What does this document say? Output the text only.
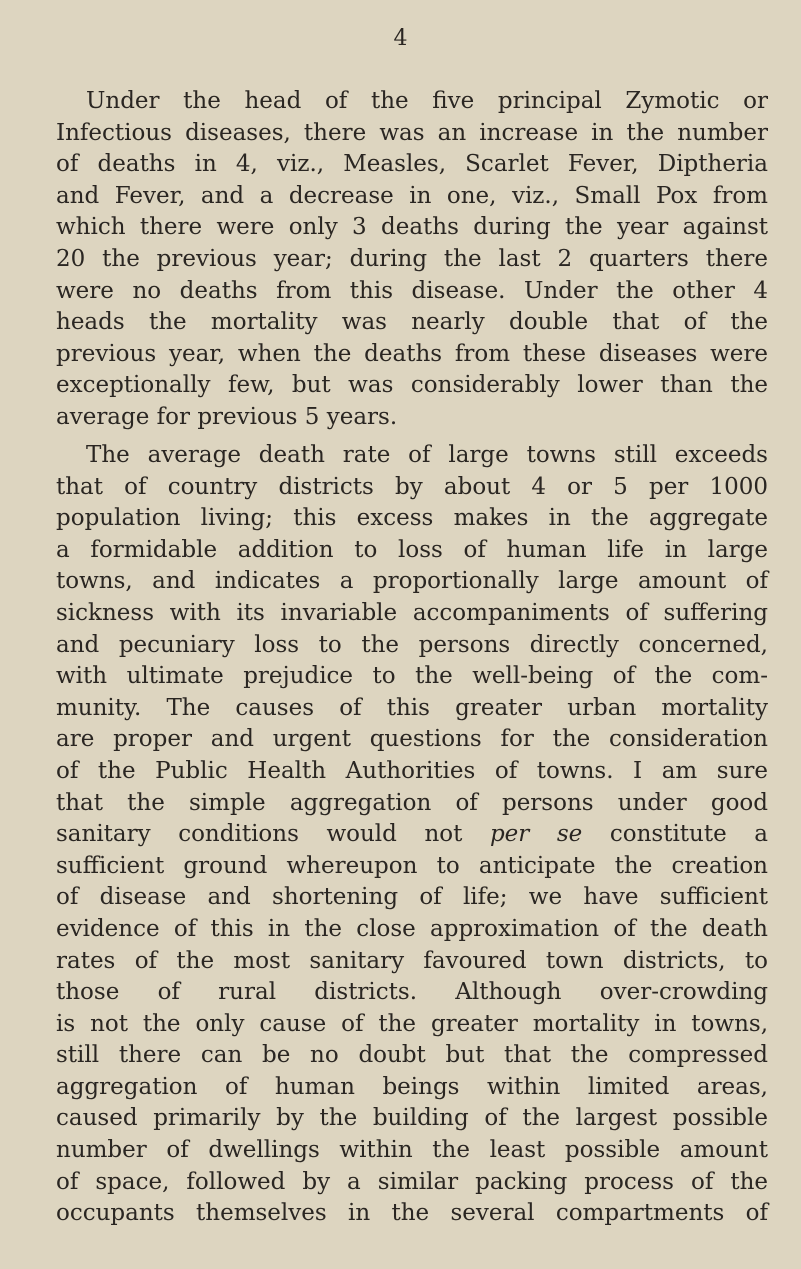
4
Under the head of the five principal Zymotic or
Infectious diseases, there was an increase in the number
of deaths in 4, viz., Measles, Scarlet Fever, Diptheria
and Fever, and a decrease in one, viz., Small Pox from
which there were only 3 deaths during the year against
20 the previous year; during the last 2 quarters there
were no deaths from this disease. Under the other 4
heads the mortality was nearly double that of the
previous year, when the deaths from these diseases were
exceptionally few, but was considerably lower than the
average for previous 5 years.
The average death rate of large towns still exceeds
that of country districts by about 4 or 5 per 1000
population living; this excess makes in the aggregate
a formidable addition to loss of human life in large
towns, and indicates a proportionally large amount of
sickness with its invariable accompaniments of suffering
and pecuniary loss to the persons directly concerned,
with ultimate prejudice to the well-being of the com-
munity. The causes of this greater urban mortality
are proper and urgent questions for the consideration
of the Public Health Authorities of towns. I am sure
that the simple aggregation of persons under good
sanitary conditions would not per se constitute a
sufficient ground whereupon to anticipate the creation
of disease and shortening of life; we have sufficient
evidence of this in the close approximation of the death
rates of the most sanitary favoured town districts, to
those of rural districts. Although over-crowding
is not the only cause of the greater mortality in towns,
still there can be no doubt but that the compressed
aggregation of human beings within limited areas,
caused primarily by the building of the largest possible
number of dwellings within the least possible amount
of space, followed by a similar packing process of the
occupants themselves in the several compartments of
